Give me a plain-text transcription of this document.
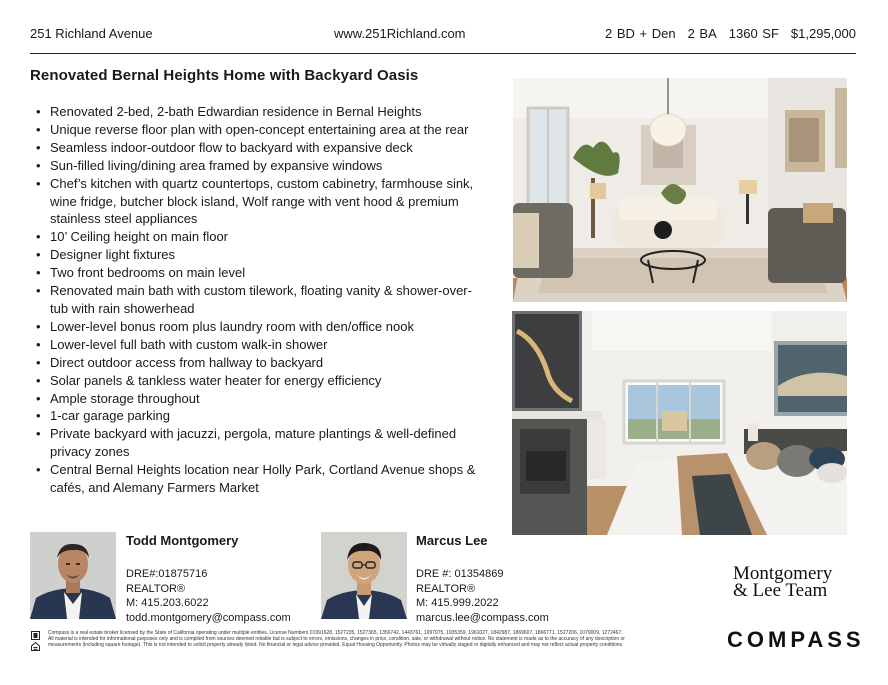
251 Richland Avenue	www.251Richland.com	2 BD + Den 2 BA 1360 SF $1,295,000
Renovated Bernal Heights Home with Backyard Oasis
• Renovated 2-bed, 2-bath Edwardian residence in Bernal Heights
• Unique reverse floor plan with open-concept entertaining area at the rear
• Seamless indoor-outdoor flow to backyard with expansive deck
• Sun-filled living/dining area framed by expansive windows
• Chef’s kitchen with quartz countertops, custom cabinetry, farmhouse sink, wine fridge, butcher block island, Wolf range with vent hood & premium stainless steel appliances
• 10’ Ceiling height on main floor
• Designer light fixtures
• Two front bedrooms on main level
• Renovated main bath with custom tilework, floating vanity & shower-over-tub with rain showerhead
• Lower-level bonus room plus laundry room with den/office nook
• Lower-level full bath with custom walk-in shower
• Direct outdoor access from hallway to backyard
• Solar panels & tankless water heater for energy efficiency
• Ample storage throughout
• 1-car garage parking
• Private backyard with jacuzzi, pergola, mature plantings & well-defined privacy zones
• Central Bernal Heights location near Holly Park, Cortland Avenue shops & cafés, and Alemany Farmers Market
Todd Montgomery
DRE#:01875716
REALTOR®
M: 415.203.6022
todd.montgomery@compass.com
Marcus Lee
DRE #: 01354869
REALTOR®
M: 415.999.2022
marcus.lee@compass.com
Montgomery
& Lee Team
COMPASS
Compass is a real estate broker licensed by the State of California operating under multiple entities. License Numbers 01991628, 1527235, 1527365, 1356742, 1443761, 1997075, 1935359, 1961027, 1842987, 1869607, 1866771, 1527206, 1079009, 1272467. All material is intended for informational purposes only and is compiled from sources deemed reliable but is subject to errors, omissions, changes in price, condition, sale, or withdrawal without notice. No statement is made as to the accuracy of any description or measurements (including square footage). This is not intended to solicit property already listed. No financial or legal advice provided. Equal Housing Opportunity. Photos may be virtually staged or digitally enhanced and may not reflect actual property conditions.
